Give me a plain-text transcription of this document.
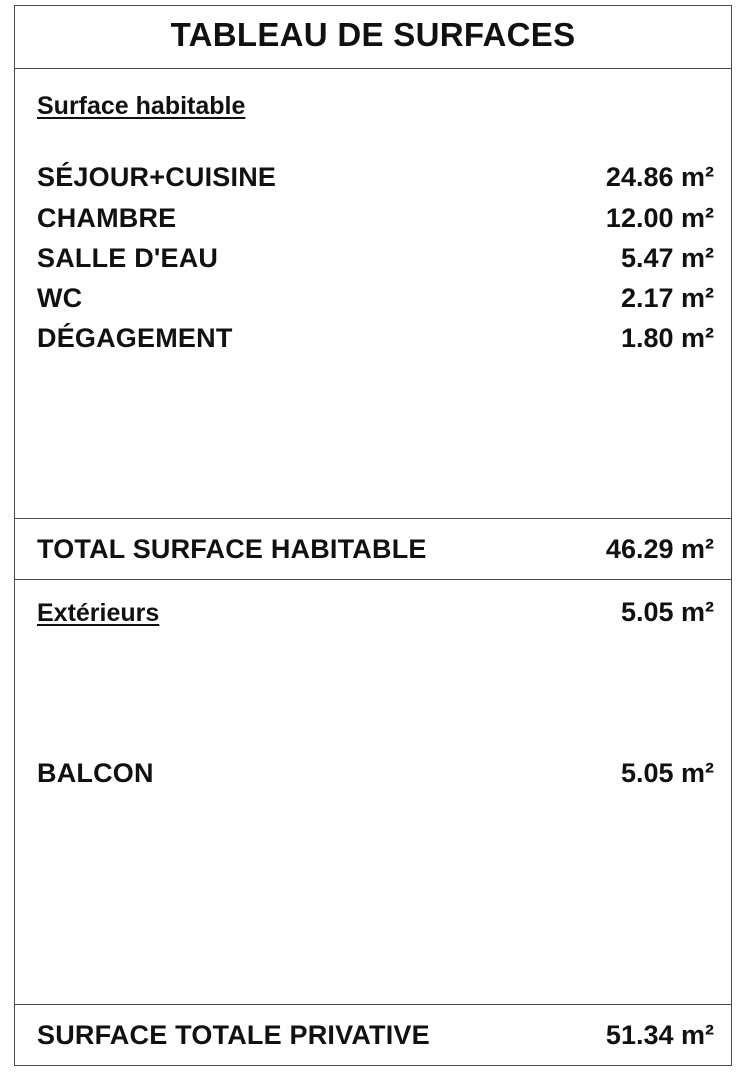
TABLEAU DE SURFACES
Surface habitable
SÉJOUR+CUISINE	24.86 m²
CHAMBRE	12.00 m²
SALLE D'EAU	5.47 m²
WC	2.17 m²
DÉGAGEMENT	1.80 m²
TOTAL SURFACE HABITABLE	46.29 m²
Extérieurs	5.05 m²
BALCON	5.05 m²
SURFACE TOTALE PRIVATIVE	51.34 m²
